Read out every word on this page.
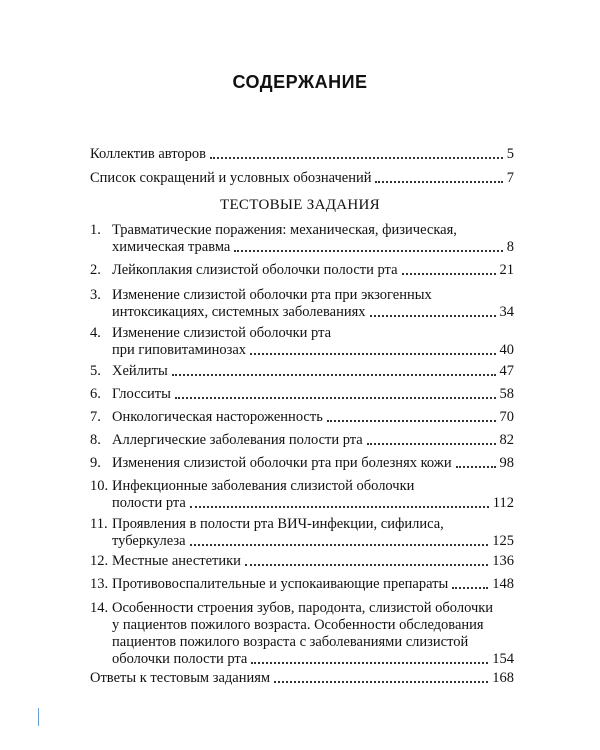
СОДЕРЖАНИЕ
Коллектив авторов	5
Список сокращений и условных обозначений	7
ТЕСТОВЫЕ ЗАДАНИЯ
1. Травматические поражения: механическая, физическая,
химическая травма	8
2. Лейкоплакия слизистой оболочки полости рта	21
3. Изменение слизистой оболочки рта при экзогенных
интоксикациях, системных заболеваниях	34
4. Изменение слизистой оболочки рта
при гиповитаминозах	40
5. Хейлиты	47
6. Глосситы	58
7. Онкологическая настороженность	70
8. Аллергические заболевания полости рта	82
9. Изменения слизистой оболочки рта при болезнях кожи	98
10. Инфекционные заболевания слизистой оболочки
полости рта	112
11. Проявления в полости рта ВИЧ-инфекции, сифилиса,
туберкулеза	125
12. Местные анестетики	136
13. Противовоспалительные и успокаивающие препараты	148
14. Особенности строения зубов, пародонта, слизистой оболочки
у пациентов пожилого возраста. Особенности обследования
пациентов пожилого возраста с заболеваниями слизистой
оболочки полости рта	154
Ответы к тестовым заданиям	168
